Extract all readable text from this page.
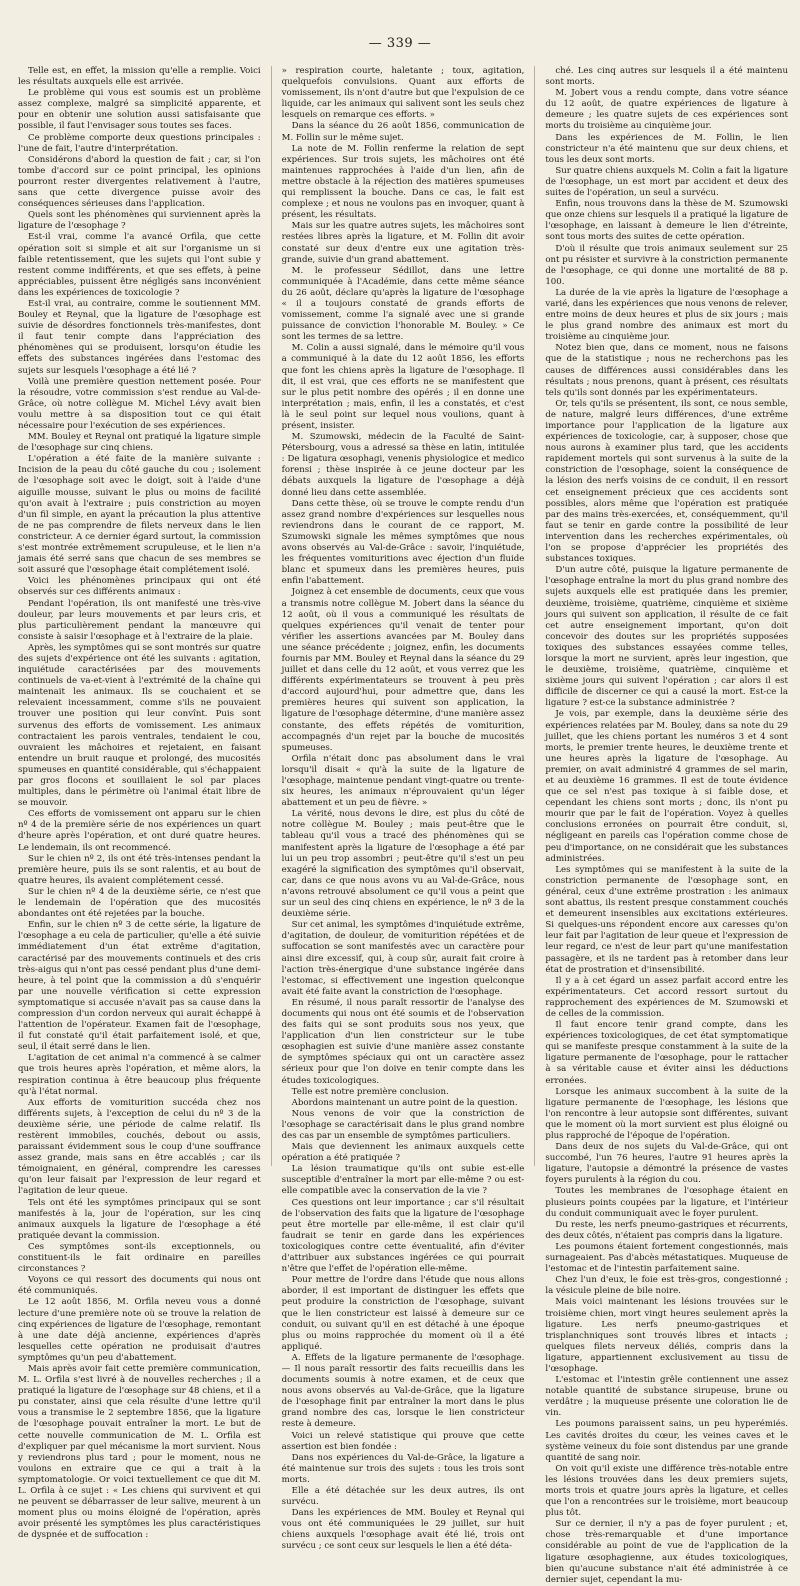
— 339 —

Telle est, en effet, la mission qu'elle a remplie. Voici les résultats auxquels elle est arrivée.

Le problème qui vous est soumis est un problème assez complexe, malgré sa simplicité apparente, et pour en obtenir une solution aussi satisfaisante que possible, il faut l'envisager sous toutes ses faces.

Ce problème comporte deux questions principales : l'une de fait, l'autre d'interprétation.

Considérons d'abord la question de fait ; car, si l'on tombe d'accord sur ce point principal, les opinions pourront rester divergentes relativement à l'autre, sans que cette divergence puisse avoir des conséquences sérieuses dans l'application.

Quels sont les phénomènes qui surviennent après la ligature de l'œsophage ?

Est-il vrai, comme l'a avancé Orfila, que cette opération soit si simple et ait sur l'organisme un si faible retentissement, que les sujets qui l'ont subie y restent comme indifférents, et que ses effets, à peine appréciables, puissent être négligés sans inconvénient dans les expériences de toxicologie ?

Est-il vrai, au contraire, comme le soutiennent MM. Bouley et Reynal, que la ligature de l'œsophage est suivie de désordres fonctionnels très-manifestes, dont il faut tenir compte dans l'appréciation des phénomènes qui se produisent, lorsqu'on étudie les effets des substances ingérées dans l'estomac des sujets sur lesquels l'œsophage a été lié ?

Voilà une première question nettement posée. Pour la résoudre, votre commission s'est rendue au Val-de-Grâce, où notre collègue M. Michel Lévy avait bien voulu mettre à sa disposition tout ce qui était nécessaire pour l'exécution de ses expériences.

MM. Bouley et Reynal ont pratiqué la ligature simple de l'œsophage sur cinq chiens.

L'opération a été faite de la manière suivante : Incision de la peau du côté gauche du cou ; isolement de l'œsophage soit avec le doigt, soit à l'aide d'une aiguille mousse, suivant le plus ou moins de facilité qu'on avait à l'extraire ; puis constriction au moyen d'un fil simple, en ayant la précaution la plus attentive de ne pas comprendre de filets nerveux dans le lien constricteur. A ce dernier égard surtout, la commission s'est montrée extrêmement scrupuleuse, et le lien n'a jamais été serré sans que chacun de ses membres se soit assuré que l'œsophage était complétement isolé.

Voici les phénomènes principaux qui ont été observés sur ces différents animaux :

Pendant l'opération, ils ont manifesté une très-vive douleur, par leurs mouvements et par leurs cris, et plus particulièrement pendant la manœuvre qui consiste à saisir l'œsophage et à l'extraire de la plaie.

Après, les symptômes qui se sont montrés sur quatre des sujets d'expérience ont été les suivants : agitation, inquiétude caractérisées par des mouvements continuels de va-et-vient à l'extrémité de la chaîne qui maintenait les animaux. Ils se couchaient et se relevaient incessamment, comme s'ils ne pouvaient trouver une position qui leur convînt. Puis sont survenus des efforts de vomissement. Les animaux contractaient les parois ventrales, tendaient le cou, ouvraient les mâchoires et rejetaient, en faisant entendre un bruit rauque et prolongé, des mucosités spumeuses en quantité considérable, qui s'échappaient par gros flocons et souillaient le sol par places multiples, dans le périmètre où l'animal était libre de se mouvoir.

Ces efforts de vomissement ont apparu sur le chien nº 4 de la première série de nos expériences un quart d'heure après l'opération, et ont duré quatre heures. Le lendemain, ils ont recommencé.

Sur le chien nº 2, ils ont été très-intenses pendant la première heure, puis ils se sont ralentis, et au bout de quatre heures, ils avaient complétement cessé.

Sur le chien nº 4 de la deuxième série, ce n'est que le lendemain de l'opération que des mucosités abondantes ont été rejetées par la bouche.

Enfin, sur le chien nº 3 de cette série, la ligature de l'œsophage a eu cela de particulier, qu'elle a été suivie immédiatement d'un état extrême d'agitation, caractérisé par des mouvements continuels et des cris très-aigus qui n'ont pas cessé pendant plus d'une demi-heure, à tel point que la commission a dû s'enquérir par une nouvelle vérification si cette expression symptomatique si accusée n'avait pas sa cause dans la compression d'un cordon nerveux qui aurait échappé à l'attention de l'opérateur. Examen fait de l'œsophage, il fut constaté qu'il était parfaitement isolé, et que, seul, il était serré dans le lien.

L'agitation de cet animal n'a commencé à se calmer que trois heures après l'opération, et même alors, la respiration continua à être beaucoup plus fréquente qu'à l'état normal.

Aux efforts de vomiturition succéda chez nos différents sujets, à l'exception de celui du nº 3 de la deuxième série, une période de calme relatif. Ils restèrent immobiles, couchés, debout ou assis, paraissant évidemment sous le coup d'une souffrance assez grande, mais sans en être accablés ; car ils témoignaient, en général, comprendre les caresses qu'on leur faisait par l'expression de leur regard et l'agitation de leur queue.

Tels ont été les symptômes principaux qui se sont manifestés à la, jour de l'opération, sur les cinq animaux auxquels la ligature de l'œsophage a été pratiquée devant la commission.

Ces symptômes sont-ils exceptionnels, ou constituent-ils le fait ordinaire en pareilles circonstances ?

Voyons ce qui ressort des documents qui nous ont été communiqués.

Le 12 août 1856, M. Orfila neveu vous a donné lecture d'une première note où se trouve la relation de cinq expériences de ligature de l'œsophage, remontant à une date déjà ancienne, expériences d'après lesquelles cette opération ne produisait d'autres symptômes qu'un peu d'abattement.

Mais après avoir fait cette première communication, M. L. Orfila s'est livré à de nouvelles recherches ; il a pratiqué la ligature de l'œsophage sur 48 chiens, et il a pu constater, ainsi que cela résulte d'une lettre qu'il vous a transmise le 2 septembre 1856, que la ligature de l'œsophage pouvait entraîner la mort. Le but de cette nouvelle communication de M. L. Orfila est d'expliquer par quel mécanisme la mort survient. Nous y reviendrons plus tard ; pour le moment, nous ne voulons en extraire que ce qui a trait à la symptomatologie. Or voici textuellement ce que dit M. L. Orfila à ce sujet : « Les chiens qui survivent et qui ne peuvent se débarrasser de leur salive, meurent à un moment plus ou moins éloigné de l'opération, après avoir présenté les symptômes les plus caractéristiques de dyspnée et de suffocation :

» respiration courte, haletante ; toux, agitation, quelquefois convulsions. Quant aux efforts de vomissement, ils n'ont d'autre but que l'expulsion de ce liquide, car les animaux qui salivent sont les seuls chez lesquels on remarque ces efforts. »

Dans la séance du 26 août 1856, communication de M. Follin sur le même sujet.

La note de M. Follin renferme la relation de sept expériences. Sur trois sujets, les mâchoires ont été maintenues rapprochées à l'aide d'un lien, afin de mettre obstacle à la réjection des matières spumeuses qui remplissent la bouche. Dans ce cas, le fait est complexe ; et nous ne voulons pas en invoquer, quant à présent, les résultats.

Mais sur les quatre autres sujets, les mâchoires sont restées libres après la ligature, et M. Follin dit avoir constaté sur deux d'entre eux une agitation très-grande, suivie d'un grand abattement.

M. le professeur Sédillot, dans une lettre communiquée à l'Académie, dans cette même séance du 26 août, déclare qu'après la ligature de l'œsophage « il a toujours constaté de grands efforts de vomissement, comme l'a signalé avec une si grande puissance de conviction l'honorable M. Bouley. » Ce sont les termes de sa lettre.

M. Colin a aussi signalé, dans le mémoire qu'il vous a communiqué à la date du 12 août 1856, les efforts que font les chiens après la ligature de l'œsophage. Il dit, il est vrai, que ces efforts ne se manifestent que sur le plus petit nombre des opérés ; il en donne une interprétation ; mais, enfin, il les a constatés, et c'est là le seul point sur lequel nous voulions, quant à présent, insister.

M. Szumowski, médecin de la Faculté de Saint-Pétersbourg, vous a adressé sa thèse en latin, intitulée : De ligatura œsophagi, venenis physiologice et medico forensi ; thèse inspirée à ce jeune docteur par les débats auxquels la ligature de l'œsophage a déjà donné lieu dans cette assemblée.

Dans cette thèse, où se trouve le compte rendu d'un assez grand nombre d'expériences sur lesquelles nous reviendrons dans le courant de ce rapport, M. Szumowski signale les mêmes symptômes que nous avons observés au Val-de-Grâce : savoir, l'inquiétude, les fréquentes vomituritions avec éjection d'un fluide blanc et spumeux dans les premières heures, puis enfin l'abattement.

Joignez à cet ensemble de documents, ceux que vous a transmis notre collègue M. Jobert dans la séance du 12 août, où il vous a communiqué les résultats de quelques expériences qu'il venait de tenter pour vérifier les assertions avancées par M. Bouley dans une séance précédente ; joignez, enfin, les documents fournis par MM. Bouley et Reynal dans la séance du 29 juillet et dans celle du 12 août, et vous verrez que les différents expérimentateurs se trouvent à peu près d'accord aujourd'hui, pour admettre que, dans les premières heures qui suivent son application, la ligature de l'œsophage détermine, d'une manière assez constante, des effets répétés de vomiturition, accompagnés d'un rejet par la bouche de mucosités spumeuses.

Orfila n'était donc pas absolument dans le vrai lorsqu'il disait « qu'à la suite de la ligature de l'œsophage, maintenue pendant vingt-quatre ou trente-six heures, les animaux n'éprouvaient qu'un léger abattement et un peu de fièvre. »

La vérité, nous devons le dire, est plus du côté de notre collègue M. Bouley ; mais peut-être que le tableau qu'il vous a tracé des phénomènes qui se manifestent après la ligature de l'œsophage a été par lui un peu trop assombri ; peut-être qu'il s'est un peu exagéré la signification des symptômes qu'il observait, car, dans ce que nous avons vu au Val-de-Grâce, nous n'avons retrouvé absolument ce qu'il vous a peint que sur un seul des cinq chiens en expérience, le nº 3 de la deuxième série.

Sur cet animal, les symptômes d'inquiétude extrême, d'agitation, de douleur, de vomiturition répétées et de suffocation se sont manifestés avec un caractère pour ainsi dire excessif, qui, à coup sûr, aurait fait croire à l'action très-énergique d'une substance ingérée dans l'estomac, si effectivement une ingestion quelconque avait été faite avant la constriction de l'œsophage.

En résumé, il nous paraît ressortir de l'analyse des documents qui nous ont été soumis et de l'observation des faits qui se sont produits sous nos yeux, que l'application d'un lien constricteur sur le tube œsophagien est suivie d'une manière assez constante de symptômes spéciaux qui ont un caractère assez sérieux pour que l'on doive en tenir compte dans les études toxicologiques.

Telle est notre première conclusion.

Abordons maintenant un autre point de la question.

Nous venons de voir que la constriction de l'œsophage se caractérisait dans le plus grand nombre des cas par un ensemble de symptômes particuliers.

Mais que deviennent les animaux auxquels cette opération a été pratiquée ?

La lésion traumatique qu'ils ont subie est-elle susceptible d'entraîner la mort par elle-même ? ou est-elle compatible avec la conservation de la vie ?

Ces questions ont leur importance ; car s'il résultait de l'observation des faits que la ligature de l'œsophage peut être mortelle par elle-même, il est clair qu'il faudrait se tenir en garde dans les expériences toxicologiques contre cette éventualité, afin d'éviter d'attribuer aux substances ingérées ce qui pourrait n'être que l'effet de l'opération elle-même.

Pour mettre de l'ordre dans l'étude que nous allons aborder, il est important de distinguer les effets que peut produire la constriction de l'œsophage, suivant que le lien constricteur est laissé à demeure sur ce conduit, ou suivant qu'il en est détaché à une époque plus ou moins rapprochée du moment où il a été appliqué.

A. Effets de la ligature permanente de l'œsophage. — Il nous paraît ressortir des faits recueillis dans les documents soumis à notre examen, et de ceux que nous avons observés au Val-de-Grâce, que la ligature de l'œsophage finit par entraîner la mort dans le plus grand nombre des cas, lorsque le lien constricteur reste à demeure.

Voici un relevé statistique qui prouve que cette assertion est bien fondée :

Dans nos expériences du Val-de-Grâce, la ligature a été maintenue sur trois des sujets : tous les trois sont morts.

Elle a été détachée sur les deux autres, ils ont survécu.

Dans les expériences de MM. Bouley et Reynal qui vous ont été communiquées le 29 juillet, sur huit chiens auxquels l'œsophage avait été lié, trois ont survécu ; ce sont ceux sur lesquels le lien a été déta-

ché. Les cinq autres sur lesquels il a été maintenu sont morts.

M. Jobert vous a rendu compte, dans votre séance du 12 août, de quatre expériences de ligature à demeure ; les quatre sujets de ces expériences sont morts du troisième au cinquième jour.

Dans les expériences de M. Follin, le lien constricteur n'a été maintenu que sur deux chiens, et tous les deux sont morts.

Sur quatre chiens auxquels M. Colin a fait la ligature de l'œsophage, un est mort par accident et deux des suites de l'opération, un seul a survécu.

Enfin, nous trouvons dans la thèse de M. Szumowski que onze chiens sur lesquels il a pratiqué la ligature de l'œsophage, en laissant à demeure le lien d'étreinte, sont tous morts des suites de cette opération.

D'où il résulte que trois animaux seulement sur 25 ont pu résister et survivre à la constriction permanente de l'œsophage, ce qui donne une mortalité de 88 p. 100.

La durée de la vie après la ligature de l'œsophage a varié, dans les expériences que nous venons de relever, entre moins de deux heures et plus de six jours ; mais le plus grand nombre des animaux est mort du troisième au cinquième jour.

Notez bien que, dans ce moment, nous ne faisons que de la statistique ; nous ne recherchons pas les causes de différences aussi considérables dans les résultats ; nous prenons, quant à présent, ces résultats tels qu'ils sont donnés par les expérimentateurs.

Or, tels qu'ils se présentent, ils sont, ce nous semble, de nature, malgré leurs différences, d'une extrême importance pour l'application de la ligature aux expériences de toxicologie, car, à supposer, chose que nous aurons à examiner plus tard, que les accidents rapidement mortels qui sont survenus à la suite de la constriction de l'œsophage, soient la conséquence de la lésion des nerfs voisins de ce conduit, il en ressort cet enseignement précieux que ces accidents sont possibles, alors même que l'opération est pratiquée par des mains très-exercées, et, conséquemment, qu'il faut se tenir en garde contre la possibilité de leur intervention dans les recherches expérimentales, où l'on se propose d'apprécier les propriétés des substances toxiques.

D'un autre côté, puisque la ligature permanente de l'œsophage entraîne la mort du plus grand nombre des sujets auxquels elle est pratiquée dans les premier, deuxième, troisième, quatrième, cinquième et sixième jours qui suivent son application, il résulte de ce fait cet autre enseignement important, qu'on doit concevoir des doutes sur les propriétés supposées toxiques des substances essayées comme telles, lorsque la mort ne survient, après leur ingestion, que le deuxième, troisième, quatrième, cinquième et sixième jours qui suivent l'opération ; car alors il est difficile de discerner ce qui a causé la mort. Est-ce la ligature ? est-ce la substance administrée ?

Je vois, par exemple, dans la deuxième série des expériences relatées par M. Bouley, dans sa note du 29 juillet, que les chiens portant les numéros 3 et 4 sont morts, le premier trente heures, le deuxième trente et une heures après la ligature de l'œsophage. Au premier, on avait administré 4 grammes de sel marin, et au deuxième 16 grammes. Il est de toute évidence que ce sel n'est pas toxique à si faible dose, et cependant les chiens sont morts ; donc, ils n'ont pu mourir que par le fait de l'opération. Voyez à quelles conclusions erronées on pourrait être conduit, si, négligeant en pareils cas l'opération comme chose de peu d'importance, on ne considérait que les substances administrées.

Les symptômes qui se manifestent à la suite de la constriction permanente de l'œsophage sont, en général, ceux d'une extrême prostration : les animaux sont abattus, ils restent presque constamment couchés et demeurent insensibles aux excitations extérieures. Si quelques-uns répondent encore aux caresses qu'on leur fait par l'agitation de leur queue et l'expression de leur regard, ce n'est de leur part qu'une manifestation passagère, et ils ne tardent pas à retomber dans leur état de prostration et d'insensibilité.

Il y a à cet égard un assez parfait accord entre les expérimentateurs. Cet accord ressort surtout du rapprochement des expériences de M. Szumowski et de celles de la commission.

Il faut encore tenir grand compte, dans les expériences toxicologiques, de cet état symptomatique qui se manifeste presque constamment à la suite de la ligature permanente de l'œsophage, pour le rattacher à sa véritable cause et éviter ainsi les déductions erronées.

Lorsque les animaux succombent à la suite de la ligature permanente de l'œsophage, les lésions que l'on rencontre à leur autopsie sont différentes, suivant que le moment où la mort survient est plus éloigné ou plus rapproché de l'époque de l'opération.

Dans deux de nos sujets du Val-de-Grâce, qui ont succombé, l'un 76 heures, l'autre 91 heures après la ligature, l'autopsie a démontré la présence de vastes foyers purulents à la région du cou.

Toutes les membranes de l'œsophage étaient en plusieurs points coupées par la ligature, et l'intérieur du conduit communiquait avec le foyer purulent.

Du reste, les nerfs pneumo-gastriques et récurrents, des deux côtés, n'étaient pas compris dans la ligature.

Les poumons étaient fortement congestionnés, mais surnageaient. Pas d'abcès métastatiques. Muqueuse de l'estomac et de l'intestin parfaitement saine.

Chez l'un d'eux, le foie est très-gros, congestionné ; la vésicule pleine de bile noire.

Mais voici maintenant les lésions trouvées sur le troisième chien, mort vingt heures seulement après la ligature. Les nerfs pneumo-gastriques et trisplanchniques sont trouvés libres et intacts ; quelques filets nerveux déliés, compris dans la ligature, appartiennent exclusivement au tissu de l'œsophage.

L'estomac et l'intestin grêle contiennent une assez notable quantité de substance sirupeuse, brune ou verdâtre ; la muqueuse présente une coloration lie de vin.

Les poumons paraissent sains, un peu hyperémiés. Les cavités droites du cœur, les veines caves et le système veineux du foie sont distendus par une grande quantité de sang noir.

On voit qu'il existe une différence très-notable entre les lésions trouvées dans les deux premiers sujets, morts trois et quatre jours après la ligature, et celles que l'on a rencontrées sur le troisième, mort beaucoup plus tôt.

Sur ce dernier, il n'y a pas de foyer purulent ; et, chose très-remarquable et d'une importance considérable au point de vue de l'application de la ligature œsophagienne, aux études toxicologiques, bien qu'aucune substance n'ait été administrée à ce dernier sujet, cependant la mu-
